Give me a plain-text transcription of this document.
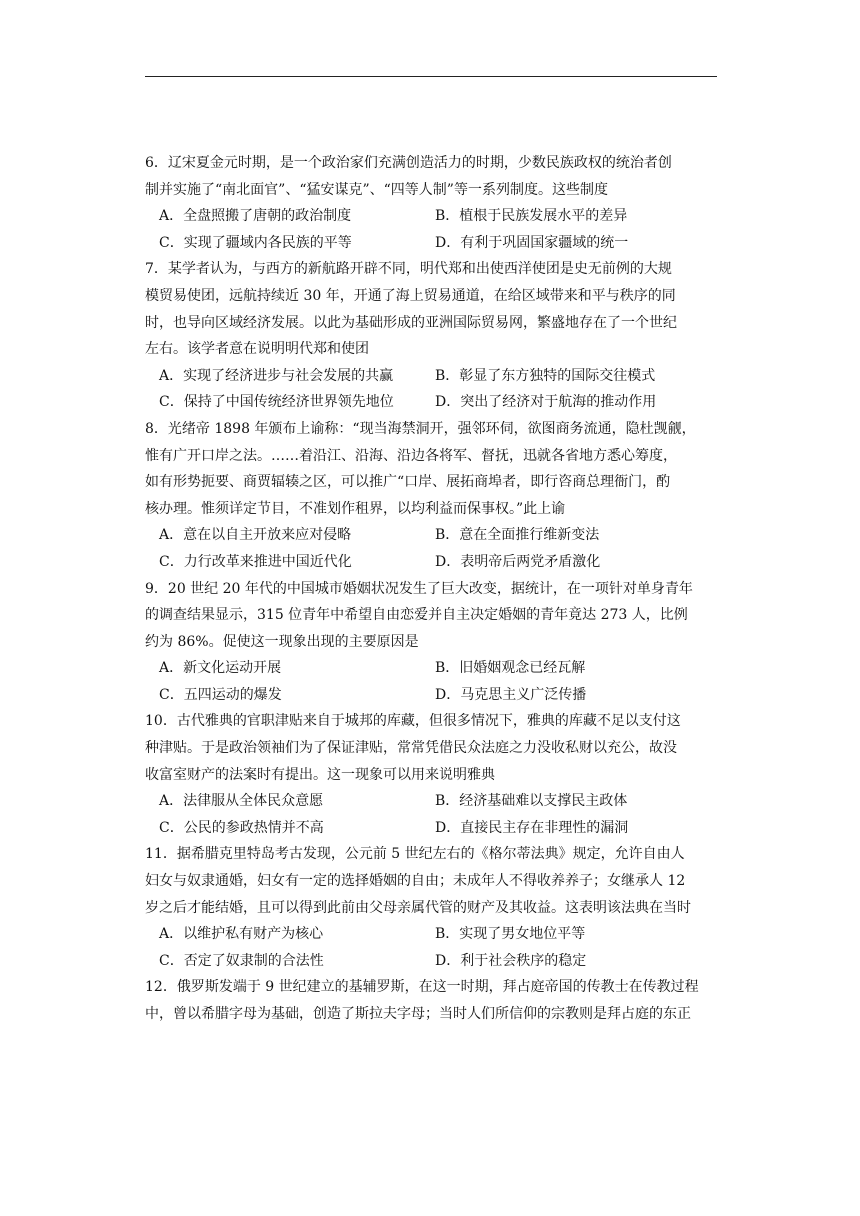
6．辽宋夏金元时期，是一个政治家们充满创造活力的时期，少数民族政权的统治者创
制并实施了“南北面官”、“猛安谋克”、“四等人制”等一系列制度。这些制度
A．全盘照搬了唐朝的政治制度	B．植根于民族发展水平的差异
C．实现了疆域内各民族的平等	D．有利于巩固国家疆域的统一
7．某学者认为，与西方的新航路开辟不同，明代郑和出使西洋使团是史无前例的大规
模贸易使团，远航持续近 30 年，开通了海上贸易通道，在给区域带来和平与秩序的同
时，也导向区域经济发展。以此为基础形成的亚洲国际贸易网，繁盛地存在了一个世纪
左右。该学者意在说明明代郑和使团
A．实现了经济进步与社会发展的共赢	B．彰显了东方独特的国际交往模式
C．保持了中国传统经济世界领先地位	D．突出了经济对于航海的推动作用
8．光绪帝 1898 年颁布上谕称：“现当海禁洞开，强邻环伺，欲图商务流通，隐杜觊觎，
惟有广开口岸之法。……着沿江、沿海、沿边各将军、督抚，迅就各省地方悉心筹度，
如有形势扼要、商贾辐辏之区，可以推广“口岸、展拓商埠者，即行咨商总理衙门，酌
核办理。惟须详定节目，不准划作租界，以均利益而保事权。”此上谕
A．意在以自主开放来应对侵略	B．意在全面推行维新变法
C．力行改革来推进中国近代化	D．表明帝后两党矛盾激化
9．20 世纪 20 年代的中国城市婚姻状况发生了巨大改变，据统计，在一项针对单身青年
的调查结果显示，315 位青年中希望自由恋爱并自主决定婚姻的青年竟达 273 人，比例
约为 86%。促使这一现象出现的主要原因是
A．新文化运动开展	B．旧婚姻观念已经瓦解
C．五四运动的爆发	D．马克思主义广泛传播
10．古代雅典的官职津贴来自于城邦的库藏，但很多情况下，雅典的库藏不足以支付这
种津贴。于是政治领袖们为了保证津贴，常常凭借民众法庭之力没收私财以充公，故没
收富室财产的法案时有提出。这一现象可以用来说明雅典
A．法律服从全体民众意愿	B．经济基础难以支撑民主政体
C．公民的参政热情并不高	D．直接民主存在非理性的漏洞
11．据希腊克里特岛考古发现，公元前 5 世纪左右的《格尔蒂法典》规定，允许自由人
妇女与奴隶通婚，妇女有一定的选择婚姻的自由；未成年人不得收养养子；女继承人 12
岁之后才能结婚，且可以得到此前由父母亲属代管的财产及其收益。这表明该法典在当时
A．以维护私有财产为核心	B．实现了男女地位平等
C．否定了奴隶制的合法性	D．利于社会秩序的稳定
12．俄罗斯发端于 9 世纪建立的基辅罗斯，在这一时期，拜占庭帝国的传教士在传教过程
中，曾以希腊字母为基础，创造了斯拉夫字母；当时人们所信仰的宗教则是拜占庭的东正
